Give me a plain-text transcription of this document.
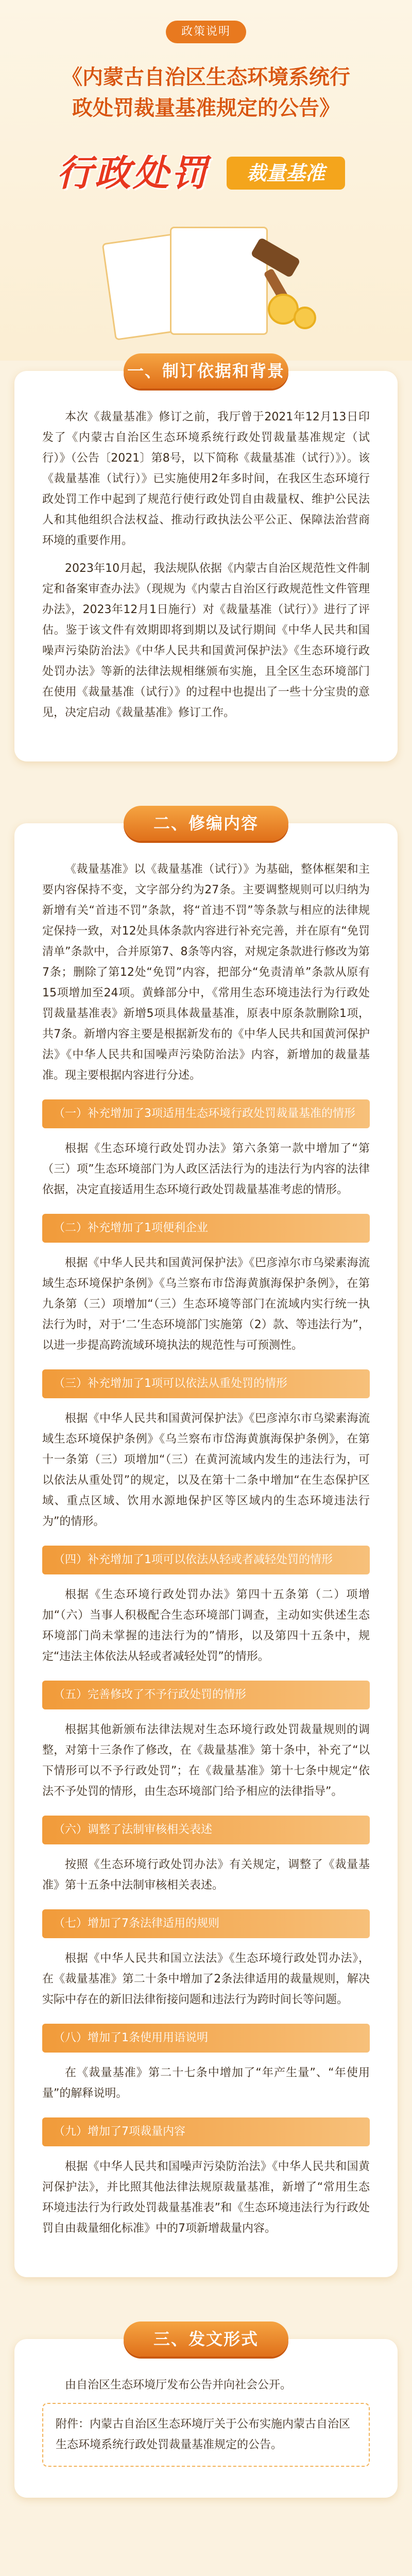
政策说明
《内蒙古自治区生态环境系统行政处罚裁量基准规定的公告》
行政处罚	裁量基准
一、制订依据和背景

本次《裁量基准》修订之前，我厅曾于2021年12月13日印发了《内蒙古自治区生态环境系统行政处罚裁量基准规定（试行）》（公告〔2021〕第8号，以下简称《裁量基准（试行）》）。该《裁量基准（试行）》已实施使用2年多时间，在我区生态环境行政处罚工作中起到了规范行使行政处罚自由裁量权、维护公民法人和其他组织合法权益、推动行政执法公平公正、保障法治营商环境的重要作用。

2023年10月起，我法规队依据《内蒙古自治区规范性文件制定和备案审查办法》（现规为《内蒙古自治区行政规范性文件管理办法》，2023年12月1日施行）对《裁量基准（试行）》进行了评估。鉴于该文件有效期即将到期以及试行期间《中华人民共和国噪声污染防治法》《中华人民共和国黄河保护法》《生态环境行政处罚办法》等新的法律法规相继颁布实施，且全区生态环境部门在使用《裁量基准（试行）》的过程中也提出了一些十分宝贵的意见，决定启动《裁量基准》修订工作。

二、修编内容

《裁量基准》以《裁量基准（试行）》为基础，整体框架和主要内容保持不变，文字部分约为27条。主要调整规则可以归纳为新增有关“首违不罚”条款，将“首违不罚”等条款与相应的法律规定保持一致，对12处具体条款内容进行补充完善，并在原有“免罚清单”条款中，合并原第7、8条等内容，对规定条款进行修改为第7条；删除了第12处“免罚”内容，把部分“免责清单”条款从原有15项增加至24项。黄蜂部分中，《常用生态环境违法行为行政处罚裁量基准表》新增5项具体裁量基准，原表中原条款删除1项，共7条。新增内容主要是根据新发布的《中华人民共和国黄河保护法》《中华人民共和国噪声污染防治法》内容，新增加的裁量基准。现主要根据内容进行分述。

（一）补充增加了3项适用生态环境行政处罚裁量基准的情形

根据《生态环境行政处罚办法》第六条第一款中增加了“第（三）项”生态环境部门为人政区活法行为的违法行为内容的法律依据，决定直接适用生态环境行政处罚裁量基准考虑的情形。

（二）补充增加了1项便利企业

根据《中华人民共和国黄河保护法》《巴彦淖尔市乌梁素海流域生态环境保护条例》《乌兰察布市岱海黄旗海保护条例》，在第九条第（三）项增加“（三）生态环境等部门在流域内实行统一执法行为时，对于‘二’生态环境部门实施第（2）款、等违法行为”，以进一步提高跨流域环境执法的规范性与可预测性。

（三）补充增加了1项可以依法从重处罚的情形

根据《中华人民共和国黄河保护法》《巴彦淖尔市乌梁素海流域生态环境保护条例》《乌兰察布市岱海黄旗海保护条例》，在第十一条第（三）项增加“（三）在黄河流域内发生的违法行为，可以依法从重处罚”的规定，以及在第十二条中增加“在生态保护区域、重点区域、饮用水源地保护区等区域内的生态环境违法行为”的情形。

（四）补充增加了1项可以依法从轻或者减轻处罚的情形

根据《生态环境行政处罚办法》第四十五条第（二）项增加“（六）当事人积极配合生态环境部门调查，主动如实供述生态环境部门尚未掌握的违法行为的”情形，以及第四十五条中，规定“违法主体依法从轻或者减轻处罚”的情形。

（五）完善修改了不予行政处罚的情形

根据其他新颁布法律法规对生态环境行政处罚裁量规则的调整，对第十三条作了修改，在《裁量基准》第十条中，补充了“以下情形可以不予行政处罚”；在《裁量基准》第十七条中规定“依法不予处罚的情形，由生态环境部门给予相应的法律指导”。

（六）调整了法制审核相关表述

按照《生态环境行政处罚办法》有关规定，调整了《裁量基准》第十五条中法制审核相关表述。

（七）增加了7条法律适用的规则

根据《中华人民共和国立法法》《生态环境行政处罚办法》，在《裁量基准》第二十条中增加了2条法律适用的裁量规则，解决实际中存在的新旧法律衔接问题和违法行为跨时间长等问题。

（八）增加了1条使用用语说明

在《裁量基准》第二十七条中增加了“年产生量”、“年使用量”的解释说明。

（九）增加了7项裁量内容

根据《中华人民共和国噪声污染防治法》《中华人民共和国黄河保护法》，并比照其他法律法规原裁量基准，新增了“常用生态环境违法行为行政处罚裁量基准表”和《生态环境违法行为行政处罚自由裁量细化标准》中的7项新增裁量内容。

三、发文形式

由自治区生态环境厅发布公告并向社会公开。

附件：内蒙古自治区生态环境厅关于公布实施内蒙古自治区生态环境系统行政处罚裁量基准规定的公告。
